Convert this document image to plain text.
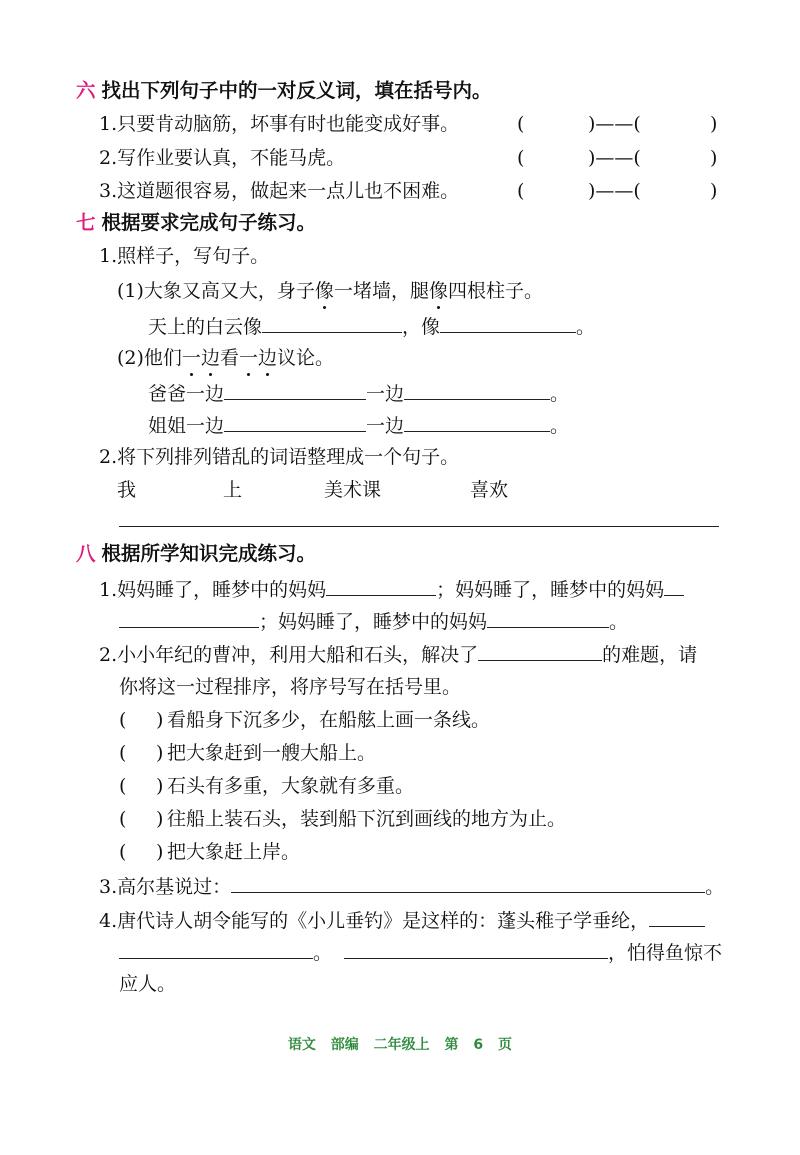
六 找出下列句子中的一对反义词，填在括号内。
1.只要肯动脑筋，坏事有时也能变成好事。	(	)——(	)
2.写作业要认真，不能马虎。	(	)——(	)
3.这道题很容易，做起来一点儿也不困难。	(	)——(	)
七 根据要求完成句子练习。
1.照样子，写句子。
(1)大象又高又大，身子像一堵墙，腿像四根柱子。
天上的白云像	，像	。
(2)他们一边看一边议论。
爸爸一边	一边	。
姐姐一边	一边	。
2.将下列排列错乱的词语整理成一个句子。
我	上	美术课	喜欢
八 根据所学知识完成练习。
1.妈妈睡了，睡梦中的妈妈	；妈妈睡了，睡梦中的妈妈
；妈妈睡了，睡梦中的妈妈	。
2.小小年纪的曹冲，利用大船和石头，解决了	的难题，请
你将这一过程排序，将序号写在括号里。
( ) 看船身下沉多少，在船舷上画一条线。
( ) 把大象赶到一艘大船上。
( ) 石头有多重，大象就有多重。
( ) 往船上装石头，装到船下沉到画线的地方为止。
( ) 把大象赶上岸。
3.高尔基说过：	。
4.唐代诗人胡令能写的《小儿垂钓》是这样的：蓬头稚子学垂纶，
。	，怕得鱼惊不
应人。
语文 部编 二年级上 第 6 页
